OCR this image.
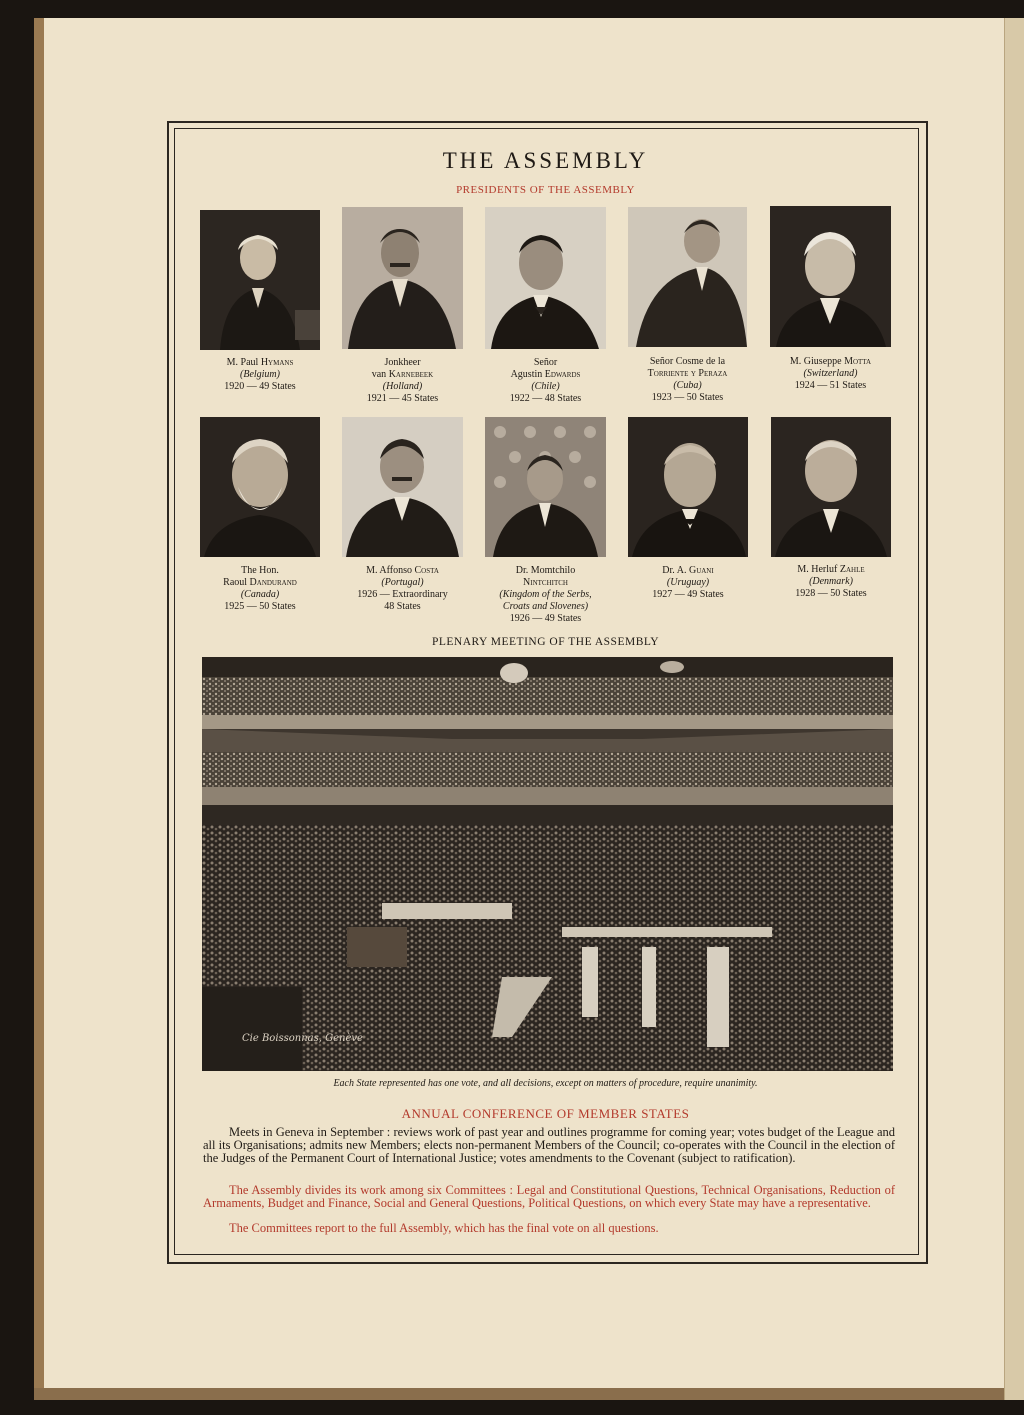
THE ASSEMBLY
PRESIDENTS OF THE ASSEMBLY
M. Paul Hymans
(Belgium)
1920 — 49 States
Jonkheer
van Karnebeek
(Holland)
1921 — 45 States
Señor
Agustin Edwards
(Chile)
1922 — 48 States
Señor Cosme de la
Torriente y Peraza
(Cuba)
1923 — 50 States
M. Giuseppe Motta
(Switzerland)
1924 — 51 States
The Hon.
Raoul Dandurand
(Canada)
1925 — 50 States
M. Affonso Costa
(Portugal)
1926 — Extraordinary
48 States
Dr. Momtchilo
Nintchitch
(Kingdom of the Serbs,
Croats and Slovenes)
1926 — 49 States
Dr. A. Guani
(Uruguay)
1927 — 49 States
M. Herluf Zahle
(Denmark)
1928 — 50 States
PLENARY MEETING OF THE ASSEMBLY
Cie Boissonnas, Genève
Each State represented has one vote, and all decisions, except on matters of procedure, require unanimity.
ANNUAL CONFERENCE OF MEMBER STATES
Meets in Geneva in September : reviews work of past year and outlines programme for coming year; votes budget of the League and all its Organisations; admits new Members; elects non-permanent Members of the Council; co-operates with the Council in the election of the Judges of the Permanent Court of International Justice; votes amendments to the Covenant (subject to ratification).
The Assembly divides its work among six Committees : Legal and Constitutional Questions, Technical Organisations, Reduction of Armaments, Budget and Finance, Social and General Questions, Political Questions, on which every State may have a representative.
The Committees report to the full Assembly, which has the final vote on all questions.
